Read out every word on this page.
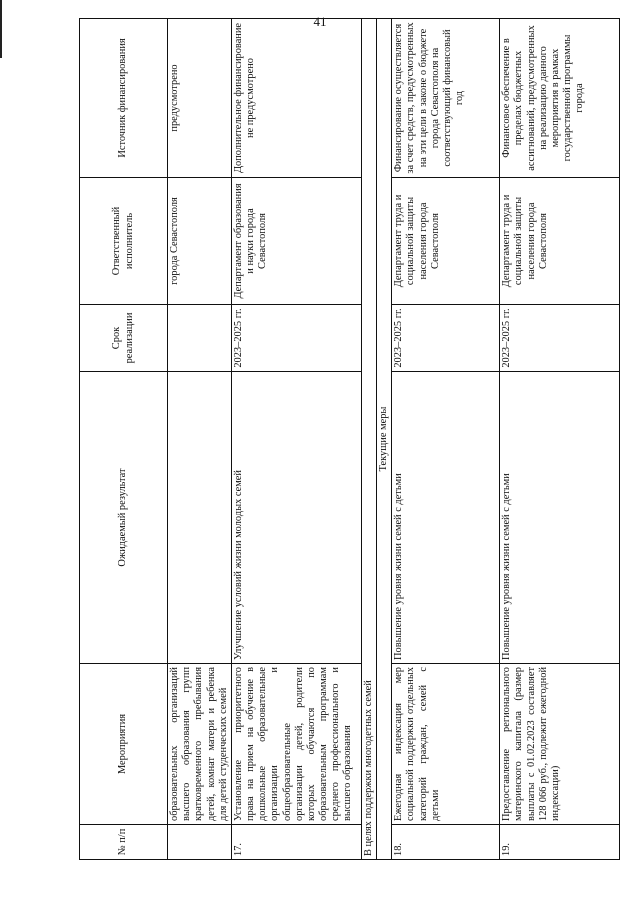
41
№ п/п	Мероприятия	Ожидаемый результат	Срок реализации	Ответственный исполнитель	Источник финансирования
	образовательных организаций высшего образования групп кратковременного пребывания детей, комнат матери и ребенка для детей студенческих семей			города Севастополя	предусмотрено
17.	Установление приоритетного права на прием на обучение в дошкольные образовательные организации и общеобразовательные организации детей, родители которых обучаются по образовательным программам среднего профессионального и высшего образования	Улучшение условий жизни молодых семей	2023–2025 гг.	Департамент образования и науки города Севастополя	Дополнительное финансирование не предусмотрено
В целях поддержки многодетных семей					
Текущие меры					
18.	Ежегодная индексация мер социальной поддержки отдельных категорий граждан, семей с детьми	Повышение уровня жизни семей с детьми	2023–2025 гг.	Департамент труда и социальной защиты населения города Севастополя	Финансирование осуществляется за счет средств, предусмотренных на эти цели в законе о бюджете города Севастополя на соответствующий финансовый год
19.	Предоставление регионального материнского капитала (размер выплаты с 01.02.2023 составляет 128 066 руб., подлежит ежегодной индексации)	Повышение уровня жизни семей с детьми	2023–2025 гг.	Департамент труда и социальной защиты населения города Севастополя	Финансовое обеспечение в пределах бюджетных ассигнований, предусмотренных на реализацию данного мероприятия в рамках государственной программы города
